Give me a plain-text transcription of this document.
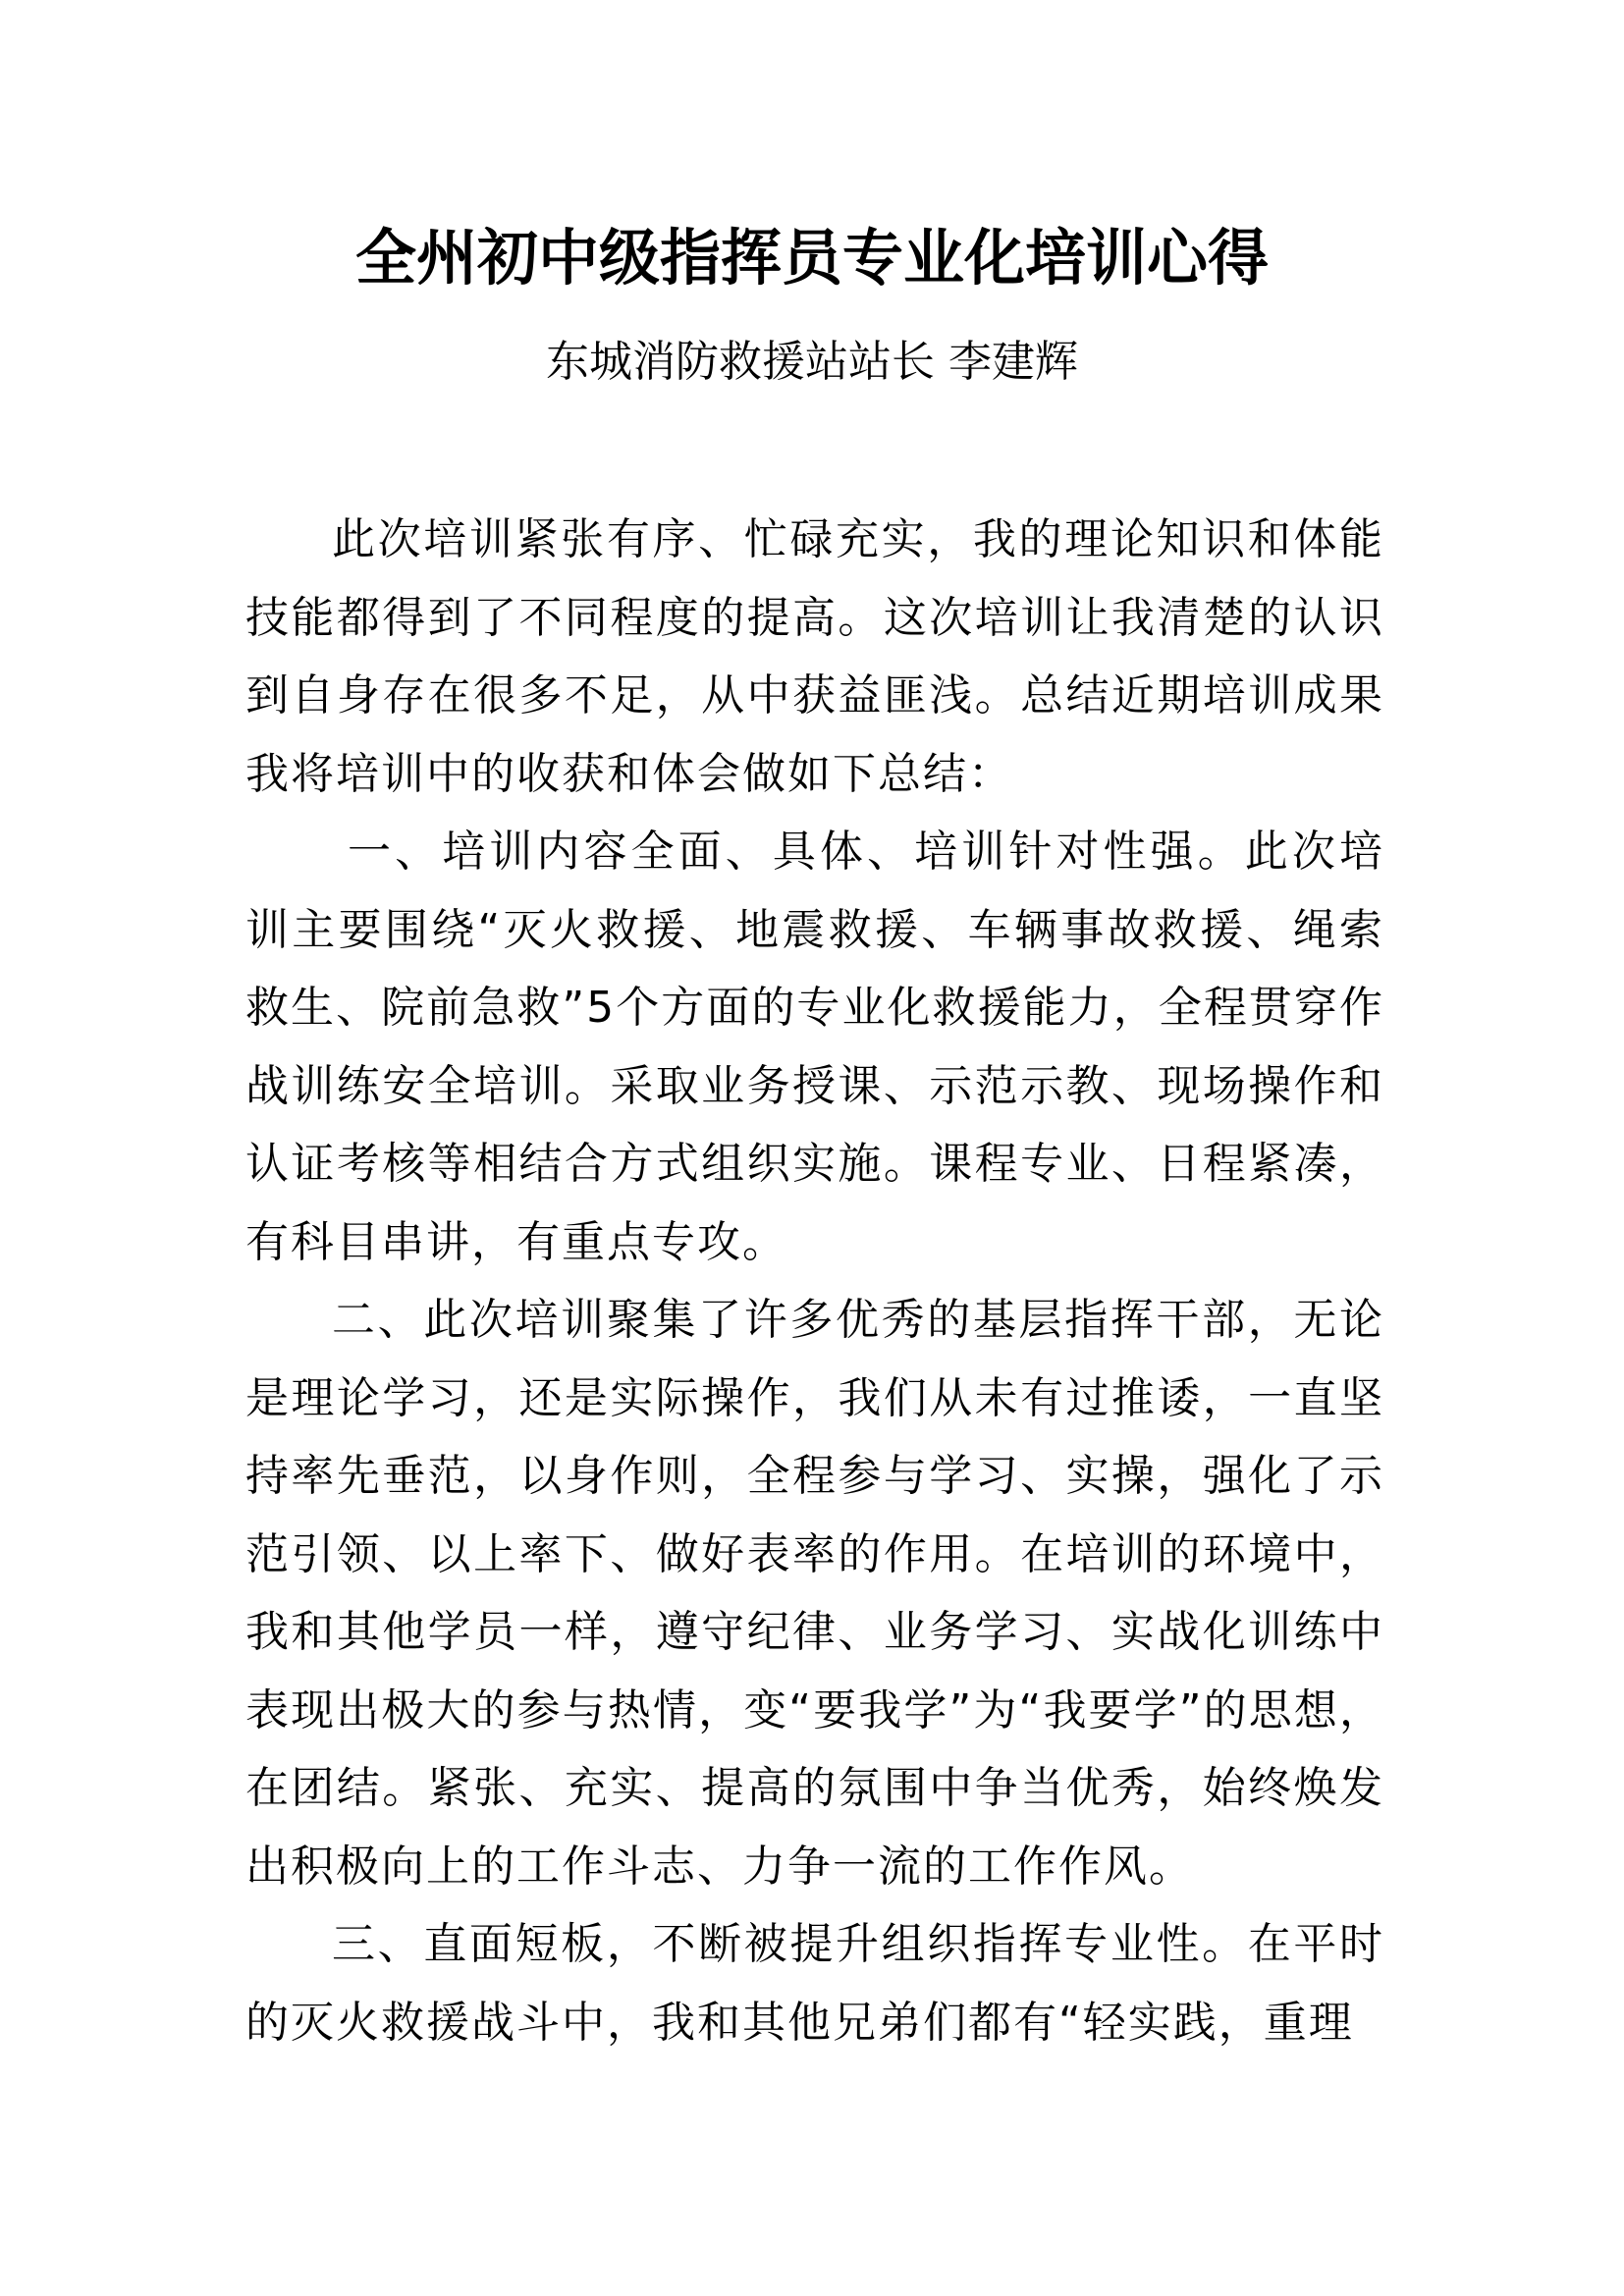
全州初中级指挥员专业化培训心得
东城消防救援站站长 李建辉

此次培训紧张有序、忙碌充实，我的理论知识和体能技能都得到了不同程度的提高。这次培训让我清楚的认识到自身存在很多不足，从中获益匪浅。总结近期培训成果我将培训中的收获和体会做如下总结：

一、培训内容全面、具体、培训针对性强。此次培训主要围绕“灭火救援、地震救援、车辆事故救援、绳索救生、院前急救”5个方面的专业化救援能力，全程贯穿作战训练安全培训。采取业务授课、示范示教、现场操作和认证考核等相结合方式组织实施。课程专业、日程紧凑，有科目串讲，有重点专攻。

二、此次培训聚集了许多优秀的基层指挥干部，无论是理论学习，还是实际操作，我们从未有过推诿，一直坚持率先垂范，以身作则，全程参与学习、实操，强化了示范引领、以上率下、做好表率的作用。在培训的环境中，我和其他学员一样，遵守纪律、业务学习、实战化训练中表现出极大的参与热情，变“要我学”为“我要学”的思想，在团结。紧张、充实、提高的氛围中争当优秀，始终焕发出积极向上的工作斗志、力争一流的工作作风。

三、直面短板，不断被提升组织指挥专业性。在平时的灭火救援战斗中，我和其他兄弟们都有“轻实践，重理
